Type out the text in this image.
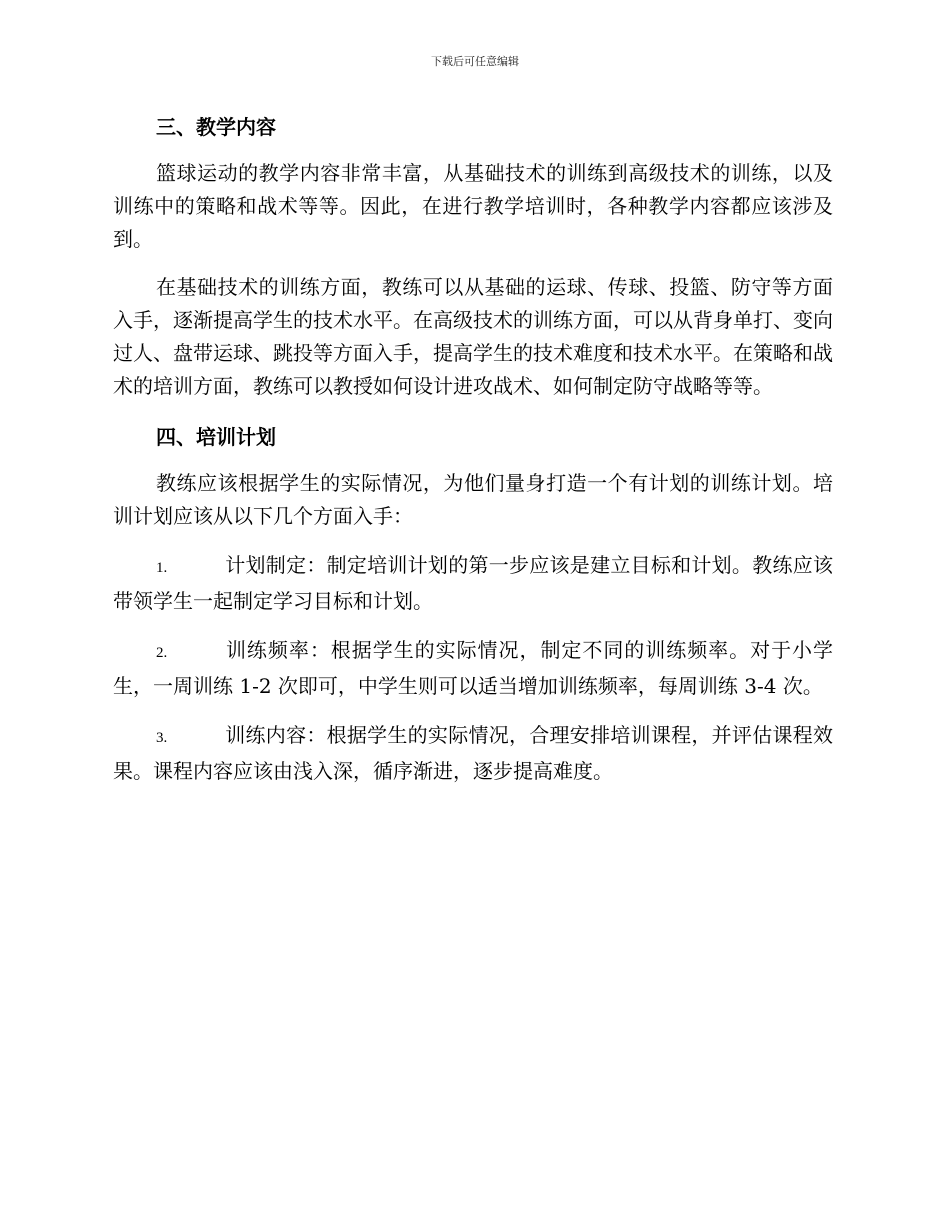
下载后可任意编辑
三、教学内容

篮球运动的教学内容非常丰富，从基础技术的训练到高级技术的训练，以及训练中的策略和战术等等。因此，在进行教学培训时，各种教学内容都应该涉及到。

在基础技术的训练方面，教练可以从基础的运球、传球、投篮、防守等方面入手，逐渐提高学生的技术水平。在高级技术的训练方面，可以从背身单打、变向过人、盘带运球、跳投等方面入手，提高学生的技术难度和技术水平。在策略和战术的培训方面，教练可以教授如何设计进攻战术、如何制定防守战略等等。

四、培训计划

教练应该根据学生的实际情况，为他们量身打造一个有计划的训练计划。培训计划应该从以下几个方面入手：

1.	计划制定：制定培训计划的第一步应该是建立目标和计划。教练应该带领学生一起制定学习目标和计划。

2.	训练频率：根据学生的实际情况，制定不同的训练频率。对于小学生，一周训练 1-2 次即可，中学生则可以适当增加训练频率，每周训练 3-4 次。

3.	训练内容：根据学生的实际情况，合理安排培训课程，并评估课程效果。课程内容应该由浅入深，循序渐进，逐步提高难度。
